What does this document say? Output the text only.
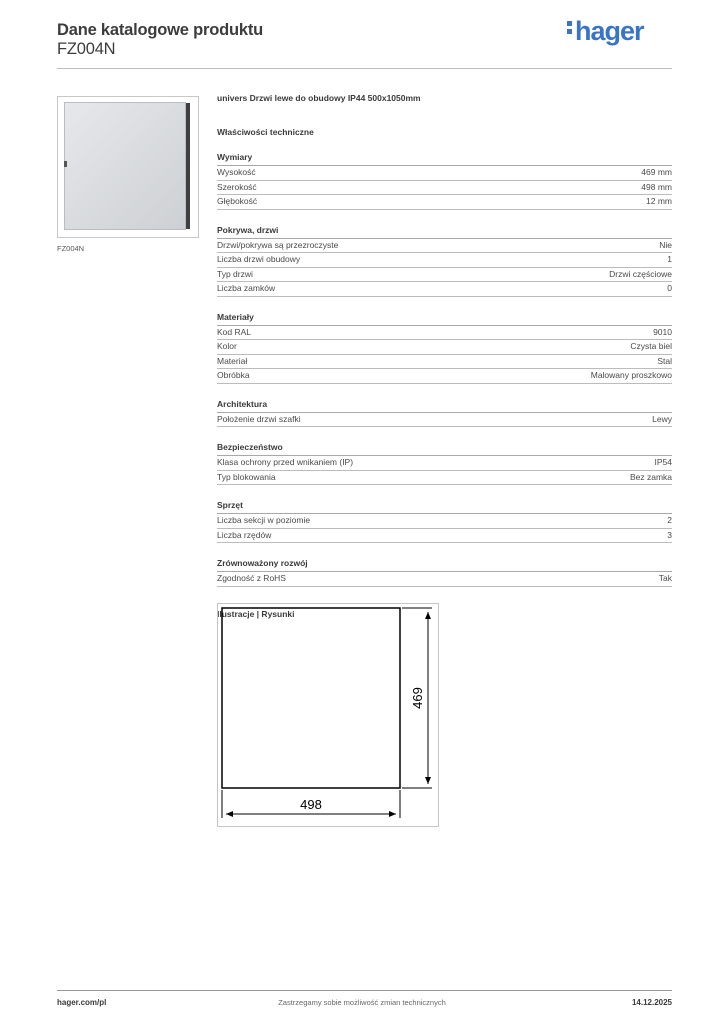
Dane katalogowe produktu
FZ004N
hager
FZ004N
univers Drzwi lewe do obudowy IP44 500x1050mm
Właściwości techniczne
Wymiary
Wysokość	469 mm
Szerokość	498 mm
Głębokość	12 mm
Pokrywa, drzwi
Drzwi/pokrywa są przezroczyste	Nie
Liczba drzwi obudowy	1
Typ drzwi	Drzwi częściowe
Liczba zamków	0
Materiały
Kod RAL	9010
Kolor	Czysta biel
Materiał	Stal
Obróbka	Malowany proszkowo
Architektura
Położenie drzwi szafki	Lewy
Bezpieczeństwo
Klasa ochrony przed wnikaniem (IP)	IP54
Typ blokowania	Bez zamka
Sprzęt
Liczba sekcji w poziomie	2
Liczba rzędów	3
Zrównoważony rozwój
Zgodność z RoHS	Tak
Ilustracje | Rysunki
498
469
hager.com/pl	Zastrzegamy sobie możliwość zmian technicznych	14.12.2025
